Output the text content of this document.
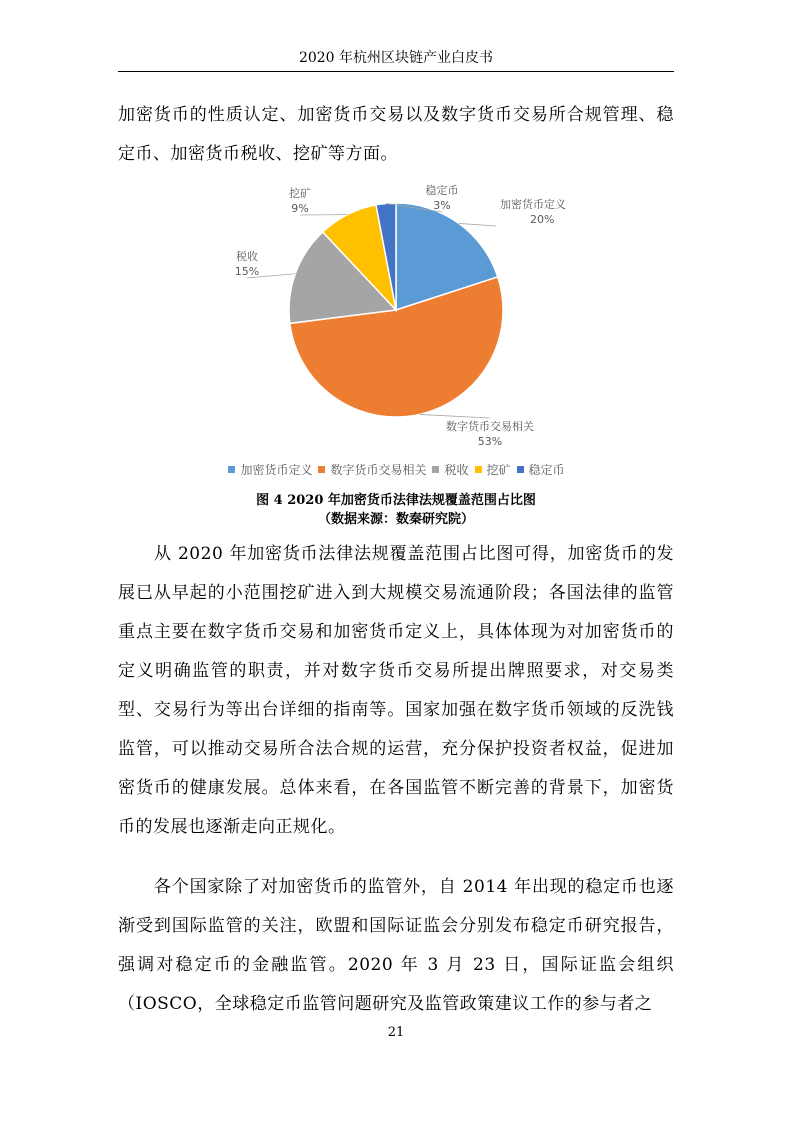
2020 年杭州区块链产业白皮书

加密货币的性质认定、加密货币交易以及数字货币交易所合规管理、稳定币、加密货币税收、挖矿等方面。

加密货币定义
20%
数字货币交易相关
53%
税收
15%
挖矿
9%
稳定币
3%
加密货币定义 数字货币交易相关 税收 挖矿 稳定币
图 4 2020 年加密货币法律法规覆盖范围占比图
（数据来源：数秦研究院）

从 2020 年加密货币法律法规覆盖范围占比图可得，加密货币的发展已从早起的小范围挖矿进入到大规模交易流通阶段；各国法律的监管重点主要在数字货币交易和加密货币定义上，具体体现为对加密货币的定义明确监管的职责，并对数字货币交易所提出牌照要求，对交易类型、交易行为等出台详细的指南等。国家加强在数字货币领域的反洗钱监管，可以推动交易所合法合规的运营，充分保护投资者权益，促进加密货币的健康发展。总体来看，在各国监管不断完善的背景下，加密货币的发展也逐渐走向正规化。

各个国家除了对加密货币的监管外，自 2014 年出现的稳定币也逐渐受到国际监管的关注，欧盟和国际证监会分别发布稳定币研究报告，强调对稳定币的金融监管。2020 年 3 月 23 日，国际证监会组织（IOSCO，全球稳定币监管问题研究及监管政策建议工作的参与者之

21
